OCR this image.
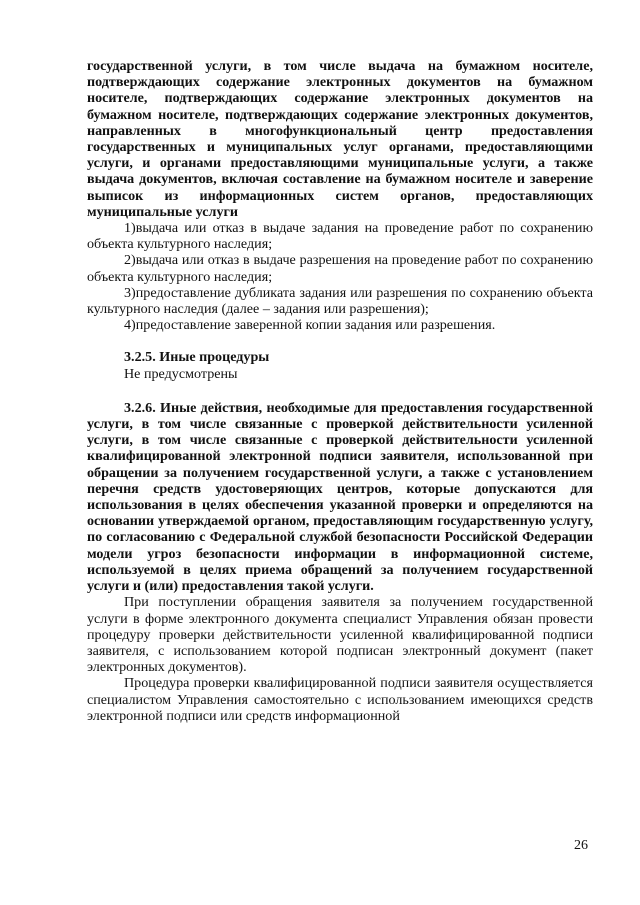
государственной услуги, в том числе выдача на бумажном носителе, подтверждающих содержание электронных документов на бумажном носителе, подтверждающих содержание электронных документов на бумажном носителе, подтверждающих содержание электронных документов, направленных в многофункциональный центр предоставления государственных и муниципальных услуг органами, предоставляющими услуги, и органами предоставляющими муниципальные услуги, а также выдача документов, включая составление на бумажном носителе и заверение выписок из информационных систем органов, предоставляющих муниципальные услуги

1)выдача или отказ в выдаче задания на проведение работ по сохранению объекта культурного наследия;

2)выдача или отказ в выдаче разрешения на проведение работ по сохранению объекта культурного наследия;

3)предоставление дубликата задания или разрешения по сохранению объекта культурного наследия (далее – задания или разрешения);

4)предоставление заверенной копии задания или разрешения.

3.2.5. Иные процедуры

Не предусмотрены

3.2.6. Иные действия, необходимые для предоставления государственной услуги, в том числе связанные с проверкой действительности усиленной услуги, в том числе связанные с проверкой действительности усиленной квалифицированной электронной подписи заявителя, использованной при обращении за получением государственной услуги, а также с установлением перечня средств удостоверяющих центров, которые допускаются для использования в целях обеспечения указанной проверки и определяются на основании утверждаемой органом, предоставляющим государственную услугу, по согласованию с Федеральной службой безопасности Российской Федерации модели угроз безопасности информации в информационной системе, используемой в целях приема обращений за получением государственной услуги и (или) предоставления такой услуги.

При поступлении обращения заявителя за получением государственной услуги в форме электронного документа специалист Управления обязан провести процедуру проверки действительности усиленной квалифицированной подписи заявителя, с использованием которой подписан электронный документ (пакет электронных документов).

Процедура проверки квалифицированной подписи заявителя осуществляется специалистом Управления самостоятельно с использованием имеющихся средств электронной подписи или средств информационной

26
